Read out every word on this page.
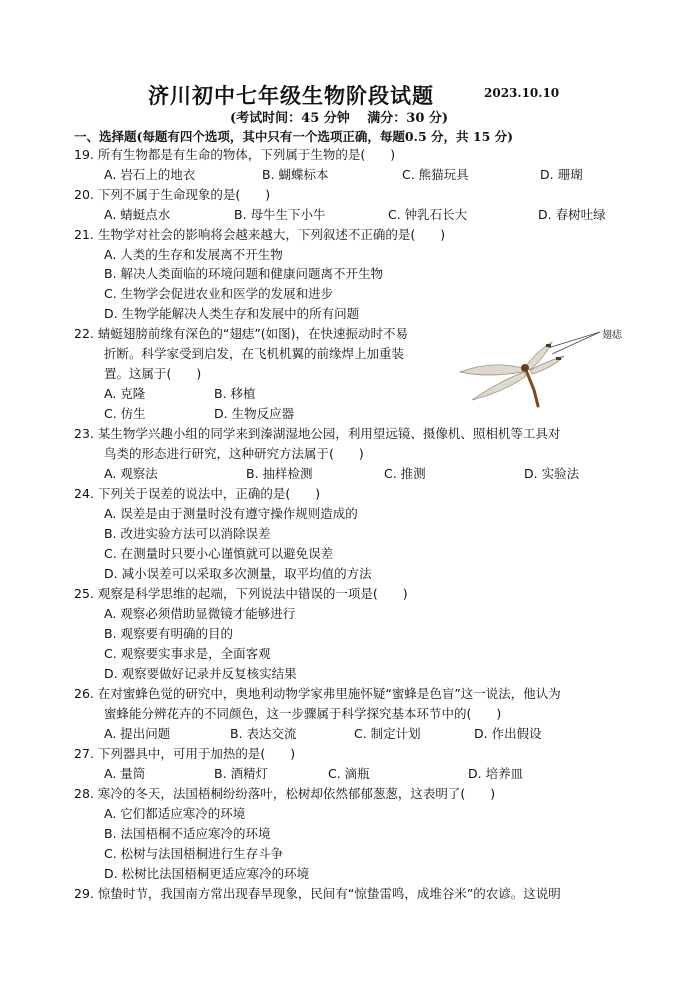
济川初中七年级生物阶段试题	2023.10.10
(考试时间：45 分钟　 满分：30 分)
一、选择题(每题有四个选项，其中只有一个选项正确，每题0.5 分，共 15 分)
19. 所有生物都是有生命的物体，下列属于生物的是(　　)
A. 岩石上的地衣	B. 蝴蝶标本	C. 熊猫玩具	D. 珊瑚
20. 下列不属于生命现象的是(　　)
A. 蜻蜓点水	B. 母牛生下小牛	C. 钟乳石长大	D. 春树吐绿
21. 生物学对社会的影响将会越来越大，下列叙述不正确的是(　　)
A. 人类的生存和发展离不开生物
B. 解决人类面临的环境问题和健康问题离不开生物
C. 生物学会促进农业和医学的发展和进步
D. 生物学能解决人类生存和发展中的所有问题
22. 蜻蜓翅膀前缘有深色的“翅痣”(如图)，在快速振动时不易
折断。科学家受到启发，在飞机机翼的前缘焊上加重装
置。这属于(　　)
A. 克隆	B. 移植
C. 仿生	D. 生物反应器
翅痣
23. 某生物学兴趣小组的同学来到溱湖湿地公园，利用望远镜、摄像机、照相机等工具对
鸟类的形态进行研究，这种研究方法属于(　　)
A. 观察法	B. 抽样检测	C. 推测	D. 实验法
24. 下列关于误差的说法中，正确的是(　　)
A. 误差是由于测量时没有遵守操作规则造成的
B. 改进实验方法可以消除误差
C. 在测量时只要小心谨慎就可以避免误差
D. 减小误差可以采取多次测量，取平均值的方法
25. 观察是科学思维的起端，下列说法中错误的一项是(　　)
A. 观察必须借助显微镜才能够进行
B. 观察要有明确的目的
C. 观察要实事求是，全面客观
D. 观察要做好记录并反复核实结果
26. 在对蜜蜂色觉的研究中，奥地利动物学家弗里施怀疑“蜜蜂是色盲”这一说法，他认为
蜜蜂能分辨花卉的不同颜色，这一步骤属于科学探究基本环节中的(　　)
A. 提出问题	B. 表达交流	C. 制定计划	D. 作出假设
27. 下列器具中，可用于加热的是(　　)
A. 量筒	B. 酒精灯	C. 滴瓶	D. 培养皿
28. 寒冷的冬天，法国梧桐纷纷落叶，松树却依然郁郁葱葱，这表明了(　　)
A. 它们都适应寒冷的环境
B. 法国梧桐不适应寒冷的环境
C. 松树与法国梧桐进行生存斗争
D. 松树比法国梧桐更适应寒冷的环境
29. 惊蛰时节，我国南方常出现春旱现象，民间有“惊蛰雷鸣，成堆谷米”的农谚。这说明
